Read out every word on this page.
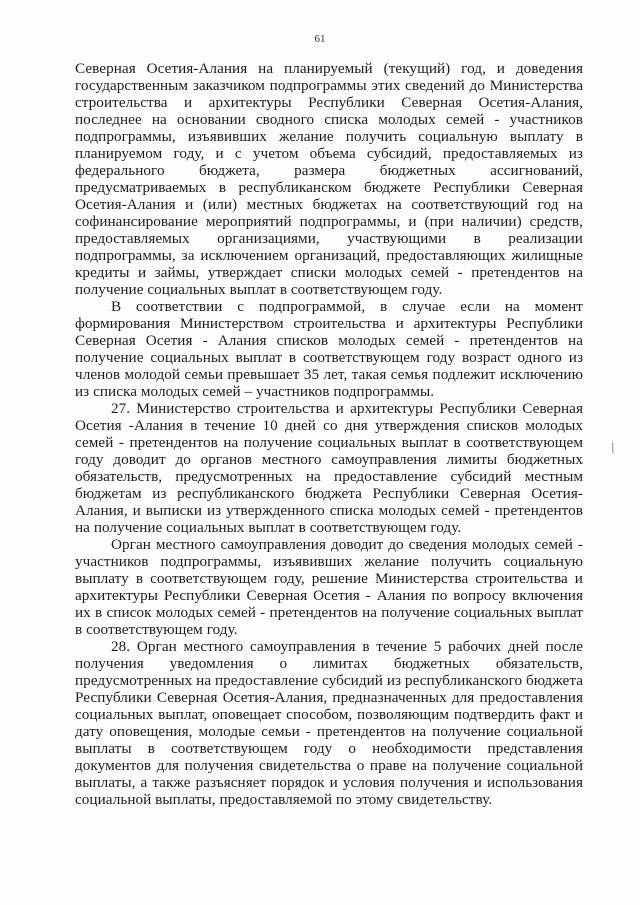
61

Северная Осетия-Алания на планируемый (текущий) год, и доведения государственным заказчиком подпрограммы этих сведений до Министерства строительства и архитектуры Республики Северная Осетия-Алания, последнее на основании сводного списка молодых семей - участников подпрограммы, изъявивших желание получить социальную выплату в планируемом году, и с учетом объема субсидий, предоставляемых из федерального бюджета, размера бюджетных ассигнований, предусматриваемых в республиканском бюджете Республики Северная Осетия-Алания и (или) местных бюджетах на соответствующий год на софинансирование мероприятий подпрограммы, и (при наличии) средств, предоставляемых организациями, участвующими в реализации подпрограммы, за исключением организаций, предоставляющих жилищные кредиты и займы, утверждает списки молодых семей - претендентов на получение социальных выплат в соответствующем году.

В соответствии с подпрограммой, в случае если на момент формирования Министерством строительства и архитектуры Республики Северная Осетия - Алания списков молодых семей - претендентов на получение социальных выплат в соответствующем году возраст одного из членов молодой семьи превышает 35 лет, такая семья подлежит исключению из списка молодых семей – участников подпрограммы.

27. Министерство строительства и архитектуры Республики Северная Осетия -Алания в течение 10 дней со дня утверждения списков молодых семей - претендентов на получение социальных выплат в соответствующем году доводит до органов местного самоуправления лимиты бюджетных обязательств, предусмотренных на предоставление субсидий местным бюджетам из республиканского бюджета Республики Северная Осетия-Алания, и выписки из утвержденного списка молодых семей - претендентов на получение социальных выплат в соответствующем году.

Орган местного самоуправления доводит до сведения молодых семей - участников подпрограммы, изъявивших желание получить социальную выплату в соответствующем году, решение Министерства строительства и архитектуры Республики Северная Осетия - Алания по вопросу включения их в список молодых семей - претендентов на получение социальных выплат в соответствующем году.

28. Орган местного самоуправления в течение 5 рабочих дней после получения уведомления о лимитах бюджетных обязательств, предусмотренных на предоставление субсидий из республиканского бюджета Республики Северная Осетия-Алания, предназначенных для предоставления социальных выплат, оповещает способом, позволяющим подтвердить факт и дату оповещения, молодые семьи - претендентов на получение социальной выплаты в соответствующем году о необходимости представления документов для получения свидетельства о праве на получение социальной выплаты, а также разъясняет порядок и условия получения и использования социальной выплаты, предоставляемой по этому свидетельству.

/
